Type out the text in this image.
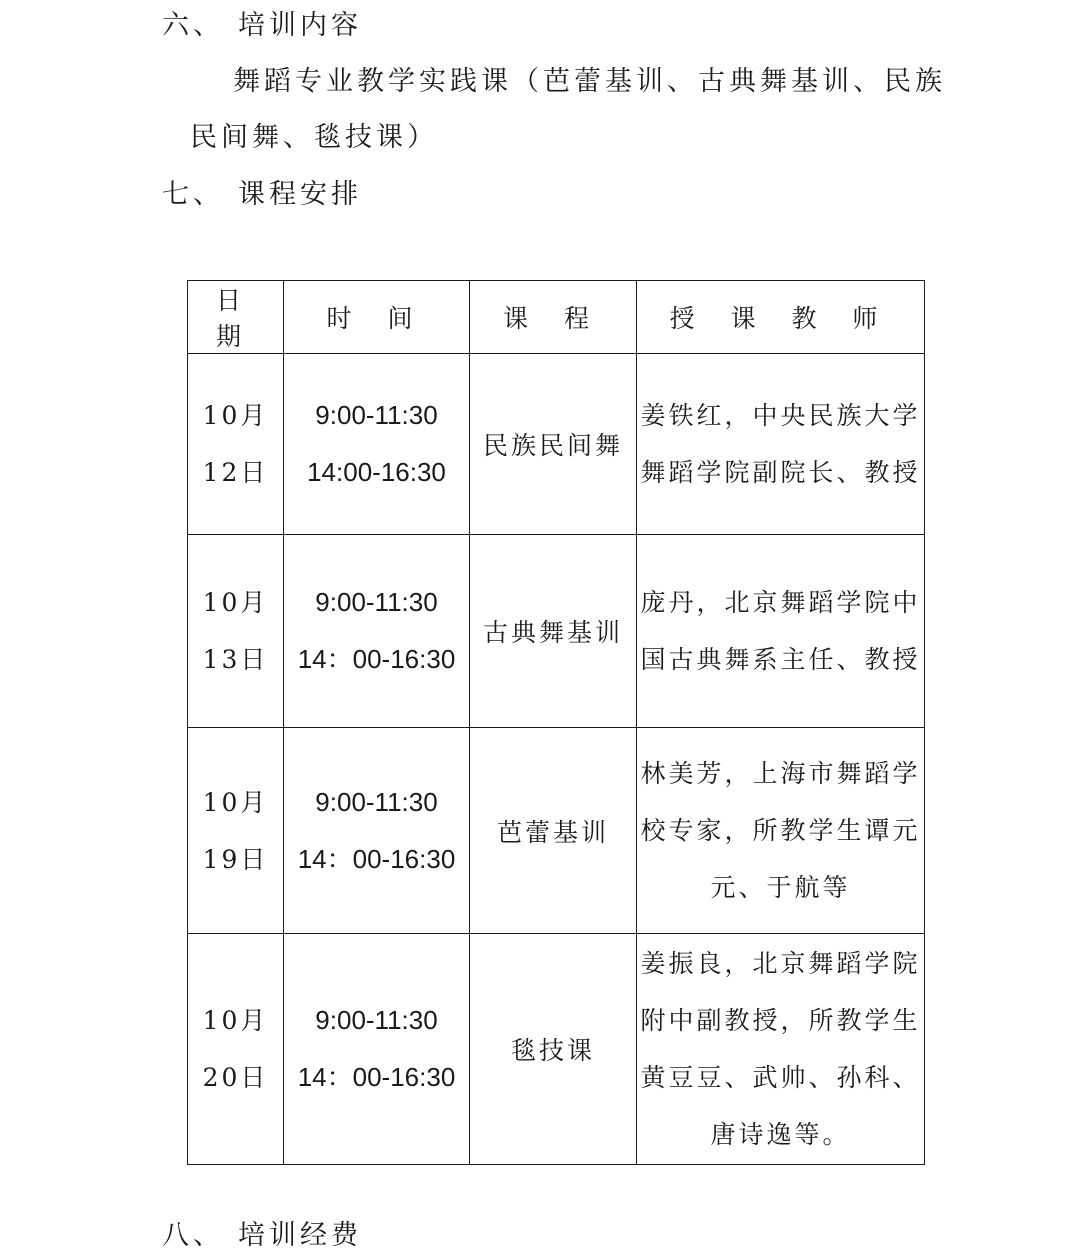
六、 培训内容
舞蹈专业教学实践课（芭蕾基训、古典舞基训、民族
民间舞、毯技课）
七、 课程安排
日 期	时 间	课 程	授 课 教 师

10月
12日	9:00-11:30
14:00-16:30	民族民间舞	姜铁红，中央民族大学
舞蹈学院副院长、教授

10月
13日	9:00-11:30
14：00-16:30	古典舞基训	庞丹，北京舞蹈学院中
国古典舞系主任、教授

10月
19日	9:00-11:30
14：00-16:30	芭蕾基训	林美芳，上海市舞蹈学
校专家，所教学生谭元
元、于航等

10月
20日	9:00-11:30
14：00-16:30	毯技课	姜振良，北京舞蹈学院
附中副教授，所教学生
黄豆豆、武帅、孙科、
唐诗逸等。
八、 培训经费
